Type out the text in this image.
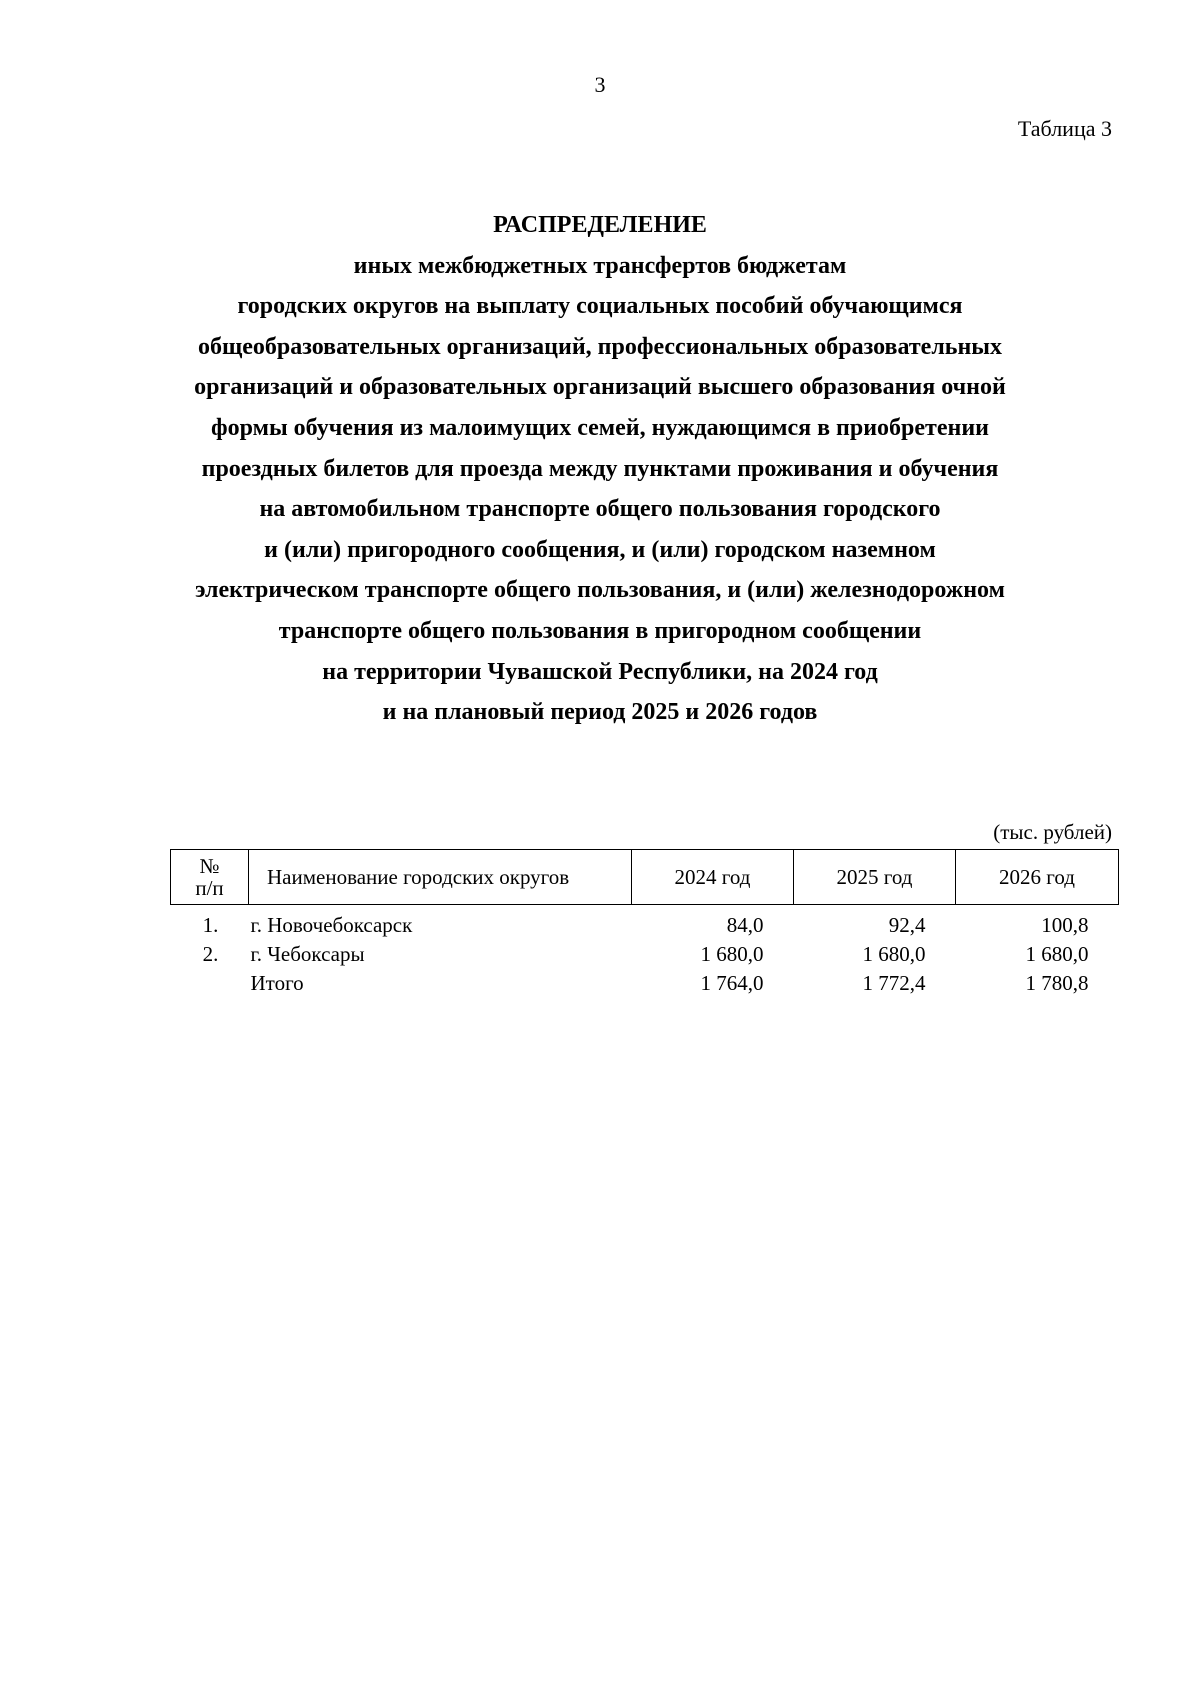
3
Таблица 3
РАСПРЕДЕЛЕНИЕ
иных межбюджетных трансфертов бюджетам
городских округов на выплату социальных пособий обучающимся
общеобразовательных организаций, профессиональных образовательных
организаций и образовательных организаций высшего образования очной
формы обучения из малоимущих семей, нуждающимся в приобретении
проездных билетов для проезда между пунктами проживания и обучения
на автомобильном транспорте общего пользования городского
и (или) пригородного сообщения, и (или) городском наземном
электрическом транспорте общего пользования, и (или) железнодорожном
транспорте общего пользования в пригородном сообщении
на территории Чувашской Республики, на 2024 год
и на плановый период 2025 и 2026 годов
(тыс. рублей)
№
п/п	Наименование городских округов	2024 год	2025 год	2026 год
1.	г. Новочебоксарск	84,0	92,4	100,8
2.	г. Чебоксары	1 680,0	1 680,0	1 680,0
	Итого	1 764,0	1 772,4	1 780,8
